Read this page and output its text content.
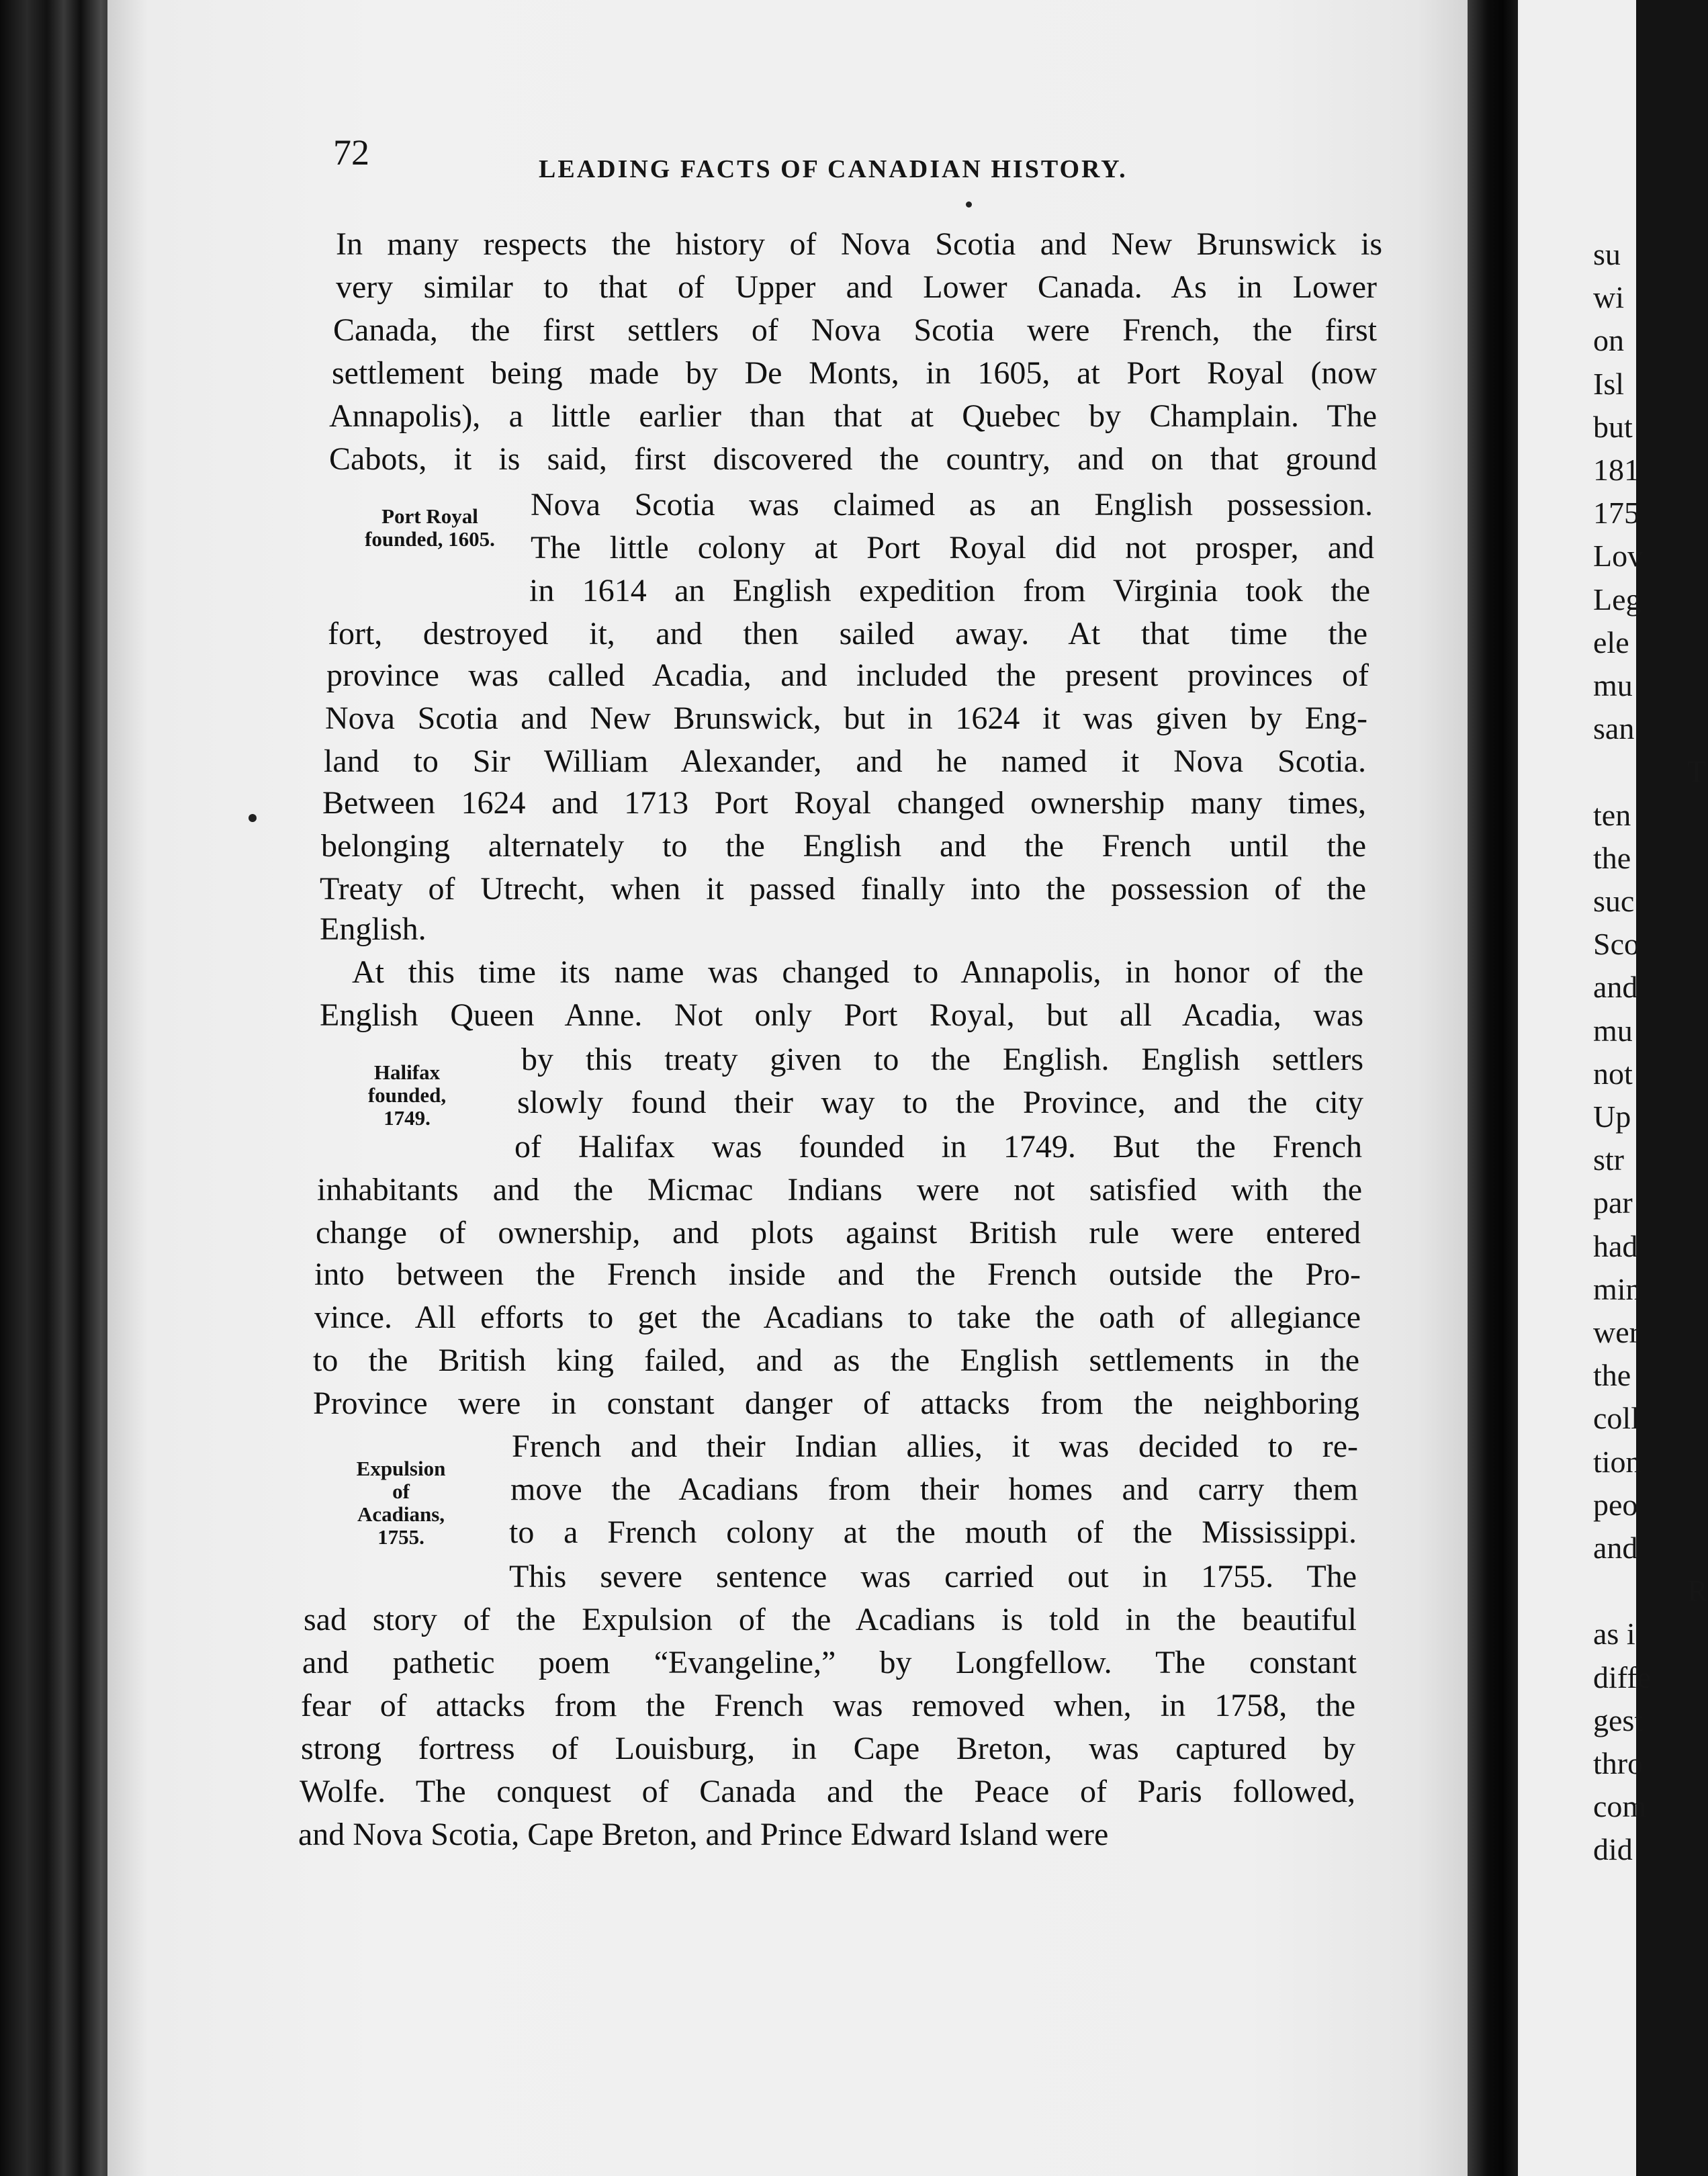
su
wi
on
Isl
but
181
175
Lov
Leg
ele
mu
san
T
ten
the
suc
Sco
and
mu
not
Up
str
par
had
min
wer
the
coll
tion
peo
and
R
as i
diffe
gest
thro
com
did
72	LEADING FACTS OF CANADIAN HISTORY.
In many respects the history of Nova Scotia and New Brunswick is
very similar to that of Upper and Lower Canada. As in Lower
Canada, the first settlers of Nova Scotia were French, the first
settlement being made by De Monts, in 1605, at Port Royal (now
Annapolis), a little earlier than that at Quebec by Champlain. The
Cabots, it is said, first discovered the country, and on that ground
Nova Scotia was claimed as an English possession.
The little colony at Port Royal did not prosper, and
in 1614 an English expedition from Virginia took the
fort, destroyed it, and then sailed away. At that time the
province was called Acadia, and included the present provinces of
Nova Scotia and New Brunswick, but in 1624 it was given by Eng-
land to Sir William Alexander, and he named it Nova Scotia.
Between 1624 and 1713 Port Royal changed ownership many times,
belonging alternately to the English and the French until the
Treaty of Utrecht, when it passed finally into the possession of the
English.
At this time its name was changed to Annapolis, in honor of the
English Queen Anne. Not only Port Royal, but all Acadia, was
by this treaty given to the English. English settlers
slowly found their way to the Province, and the city
of Halifax was founded in 1749. But the French
inhabitants and the Micmac Indians were not satisfied with the
change of ownership, and plots against British rule were entered
into between the French inside and the French outside the Pro-
vince. All efforts to get the Acadians to take the oath of allegiance
to the British king failed, and as the English settlements in the
Province were in constant danger of attacks from the neighboring
French and their Indian allies, it was decided to re-
move the Acadians from their homes and carry them
to a French colony at the mouth of the Mississippi.
This severe sentence was carried out in 1755. The
sad story of the Expulsion of the Acadians is told in the beautiful
and pathetic poem “Evangeline,” by Longfellow. The constant
fear of attacks from the French was removed when, in 1758, the
strong fortress of Louisburg, in Cape Breton, was captured by
Wolfe. The conquest of Canada and the Peace of Paris followed,
and Nova Scotia, Cape Breton, and Prince Edward Island were
Port Royal
founded, 1605.
Halifax
founded,
1749.
Expulsion
of
Acadians,
1755.
